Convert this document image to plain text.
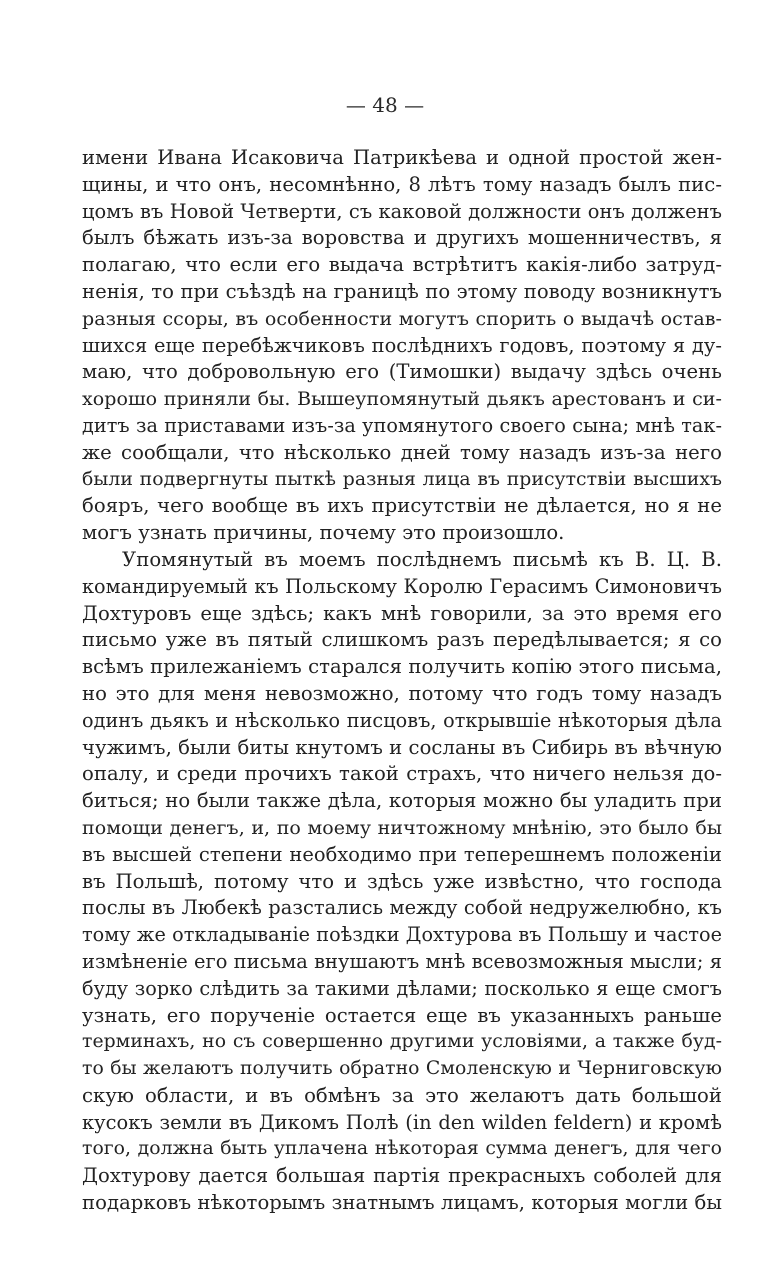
— 48 —
имени Ивана Исаковича Патрикѣева и одной простой жен-
щины, и что онъ, несомнѣнно, 8 лѣтъ тому назадъ былъ пис-
цомъ въ Новой Четверти, съ каковой должности онъ долженъ
былъ бѣжать изъ-за воровства и другихъ мошенничествъ, я
полагаю, что если его выдача встрѣтитъ какія-либо затруд-
ненія, то при съѣздѣ на границѣ по этому поводу возникнутъ
разныя ссоры, въ особенности могутъ спорить о выдачѣ остав-
шихся еще перебѣжчиковъ послѣднихъ годовъ, поэтому я ду-
маю, что добровольную его (Тимошки) выдачу здѣсь очень
хорошо приняли бы. Вышеупомянутый дьякъ арестованъ и си-
дитъ за приставами изъ-за упомянутого своего сына; мнѣ так-
же сообщали, что нѣсколько дней тому назадъ изъ-за него
были подвергнуты пыткѣ разныя лица въ присутствіи высшихъ
бояръ, чего вообще въ ихъ присутствіи не дѣлается, но я не
могъ узнать причины, почему это произошло.
Упомянутый въ моемъ послѣднемъ письмѣ къ В. Ц. В.
командируемый къ Польскому Королю Герасимъ Симоновичъ
Дохтуровъ еще здѣсь; какъ мнѣ говорили, за это время его
письмо уже въ пятый слишкомъ разъ передѣлывается; я со
всѣмъ прилежаніемъ старался получить копію этого письма,
но это для меня невозможно, потому что годъ тому назадъ
одинъ дьякъ и нѣсколько писцовъ, открывшіе нѣкоторыя дѣла
чужимъ, были биты кнутомъ и сосланы въ Сибирь въ вѣчную
опалу, и среди прочихъ такой страхъ, что ничего нельзя до-
биться; но были также дѣла, которыя можно бы уладить при
помощи денегъ, и, по моему ничтожному мнѣнію, это было бы
въ высшей степени необходимо при теперешнемъ положеніи
въ Польшѣ, потому что и здѣсь уже извѣстно, что господа
послы въ Любекѣ разстались между собой недружелюбно, къ
тому же откладываніе поѣздки Дохтурова въ Польшу и частое
измѣненіе его письма внушаютъ мнѣ всевозможныя мысли; я
буду зорко слѣдить за такими дѣлами; посколько я еще смогъ
узнать, его порученіе остается еще въ указанныхъ раньше
терминахъ, но съ совершенно другими условіями, а также буд-
то бы желаютъ получить обратно Смоленскую и Черниговскую
скую области, и въ обмѣнъ за это желаютъ дать большой
кусокъ земли въ Дикомъ Полѣ (in den wilden feldern) и кромѣ
того, должна быть уплачена нѣкоторая сумма денегъ, для чего
Дохтурову дается большая партія прекрасныхъ соболей для
подарковъ нѣкоторымъ знатнымъ лицамъ, которыя могли бы
